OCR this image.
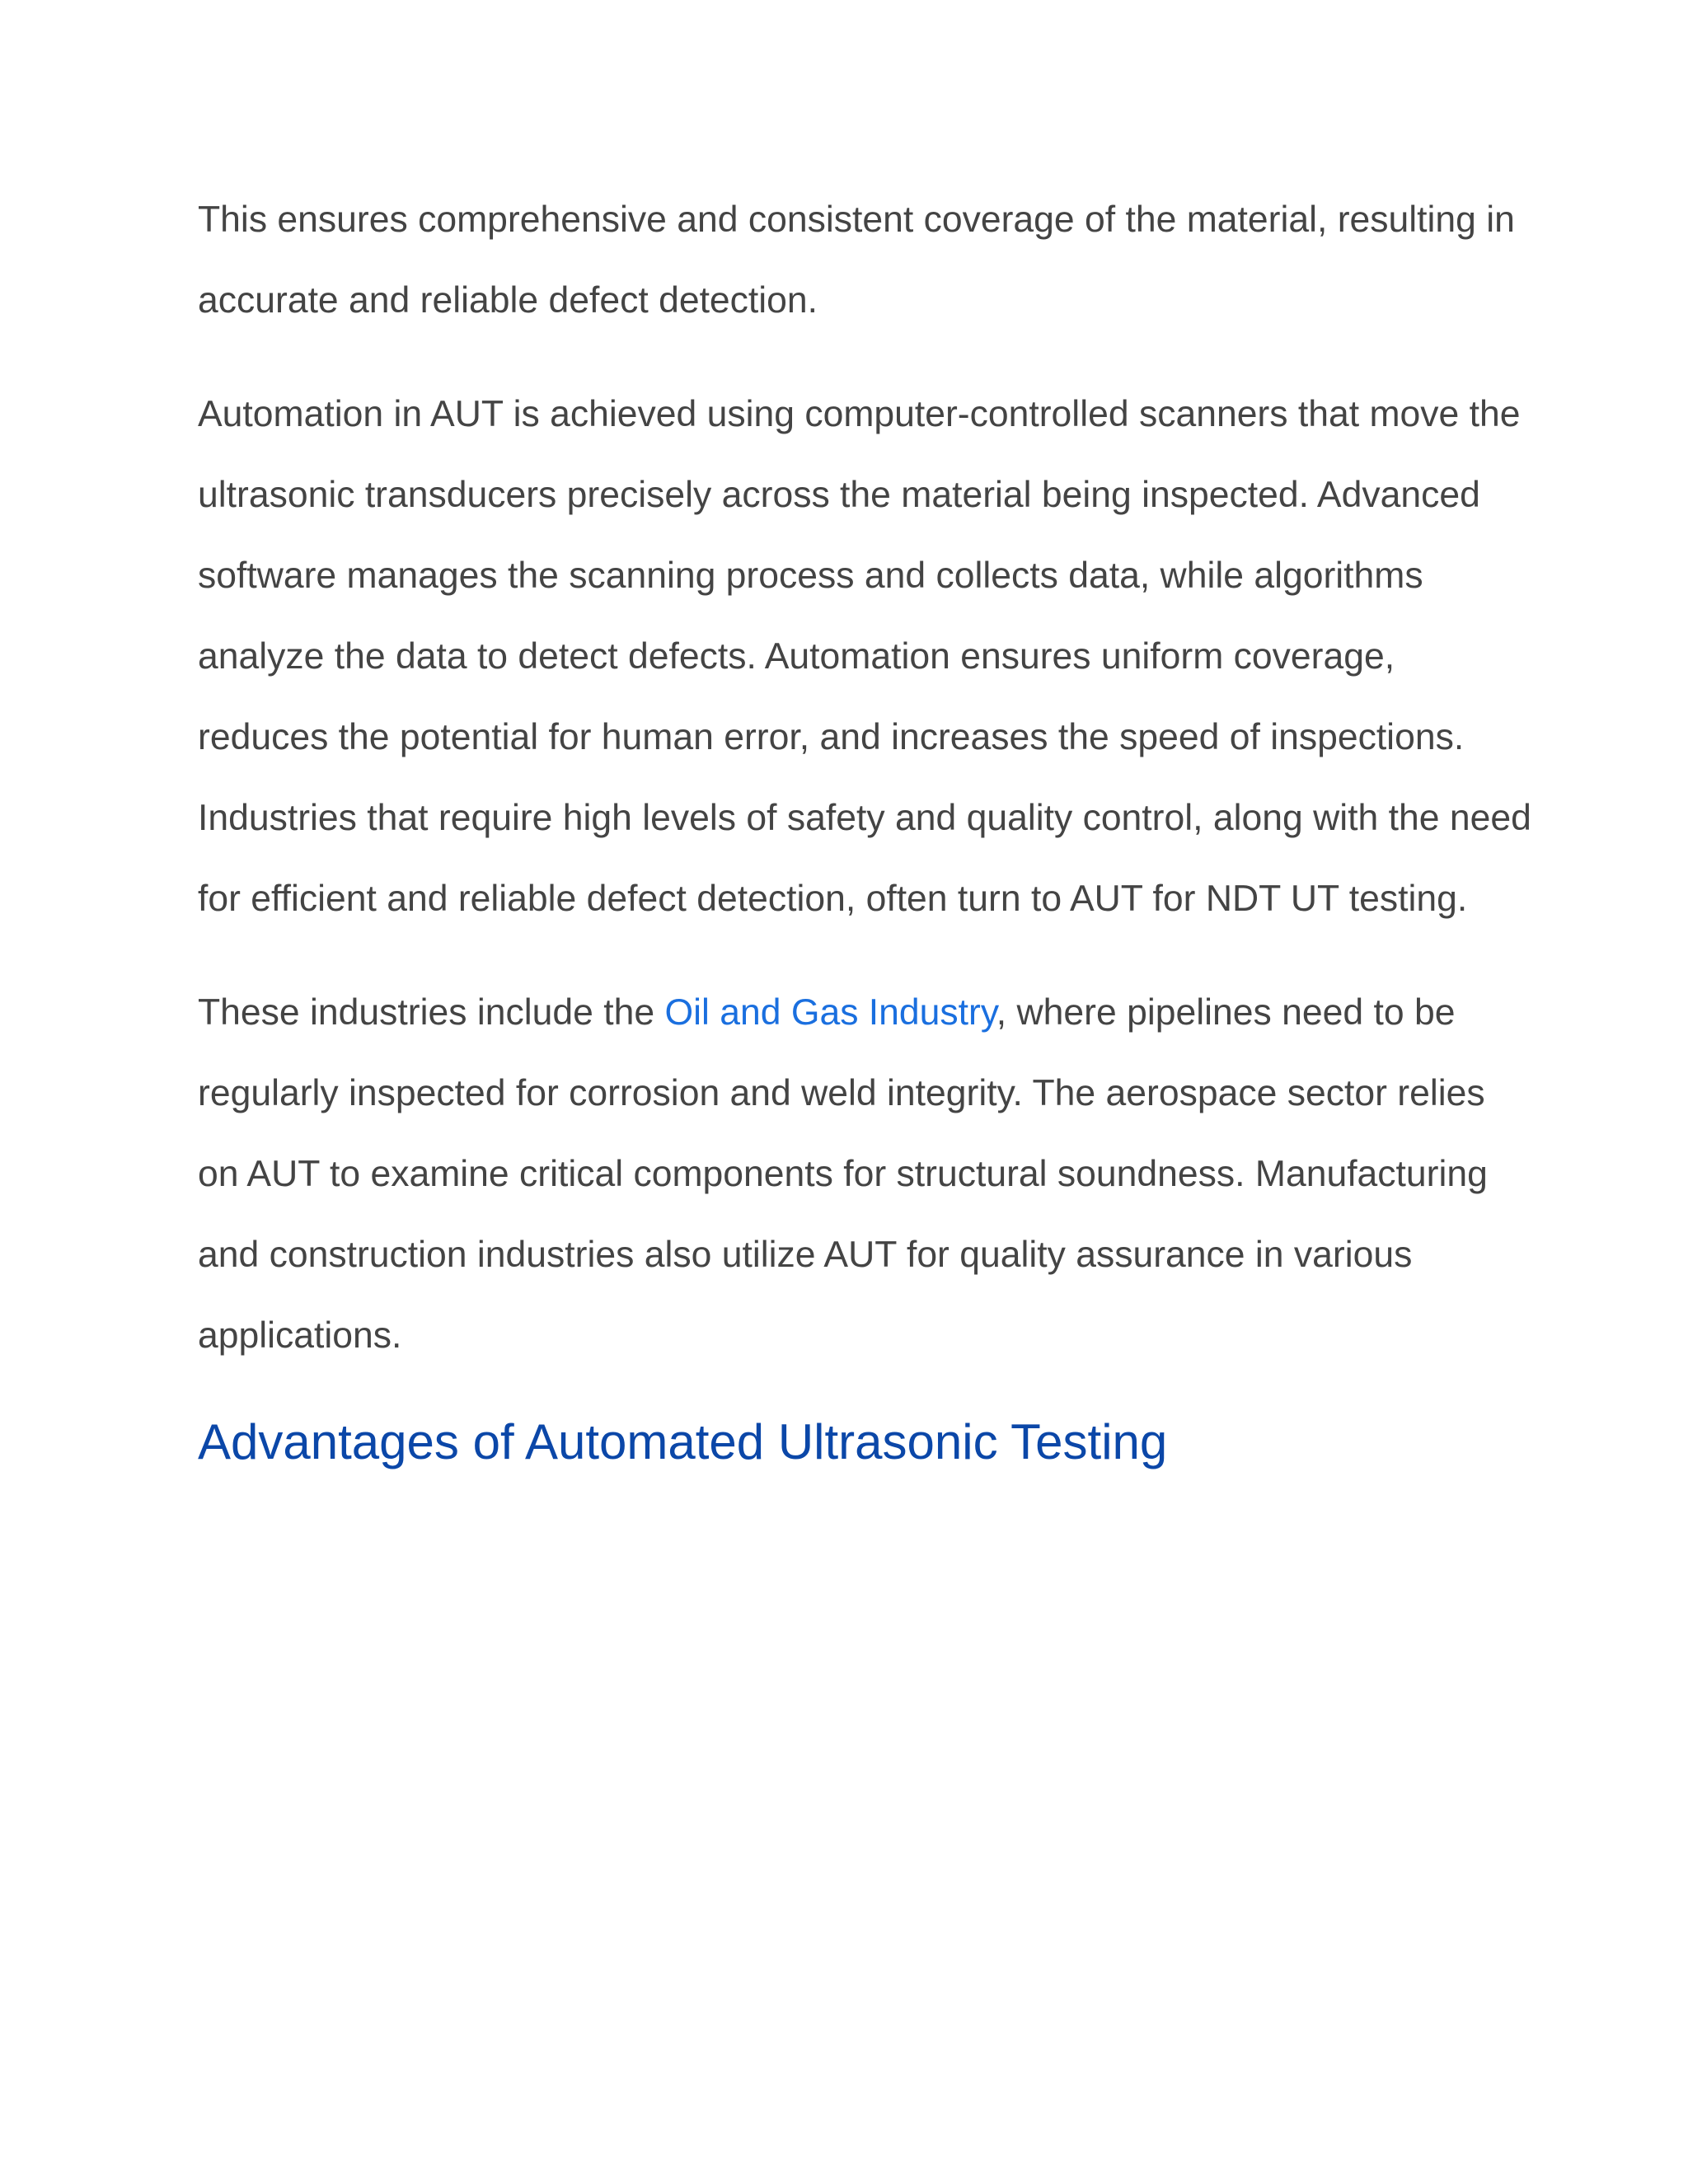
This ensures comprehensive and consistent coverage of the material, resulting in accurate and reliable defect detection.

Automation in AUT is achieved using computer-controlled scanners that move the ultrasonic transducers precisely across the material being inspected. Advanced software manages the scanning process and collects data, while algorithms analyze the data to detect defects. Automation ensures uniform coverage, reduces the potential for human error, and increases the speed of inspections. Industries that require high levels of safety and quality control, along with the need for efficient and reliable defect detection, often turn to AUT for NDT UT testing.

These industries include the Oil and Gas Industry, where pipelines need to be regularly inspected for corrosion and weld integrity. The aerospace sector relies on AUT to examine critical components for structural soundness. Manufacturing and construction industries also utilize AUT for quality assurance in various applications.

Advantages of Automated Ultrasonic Testing
